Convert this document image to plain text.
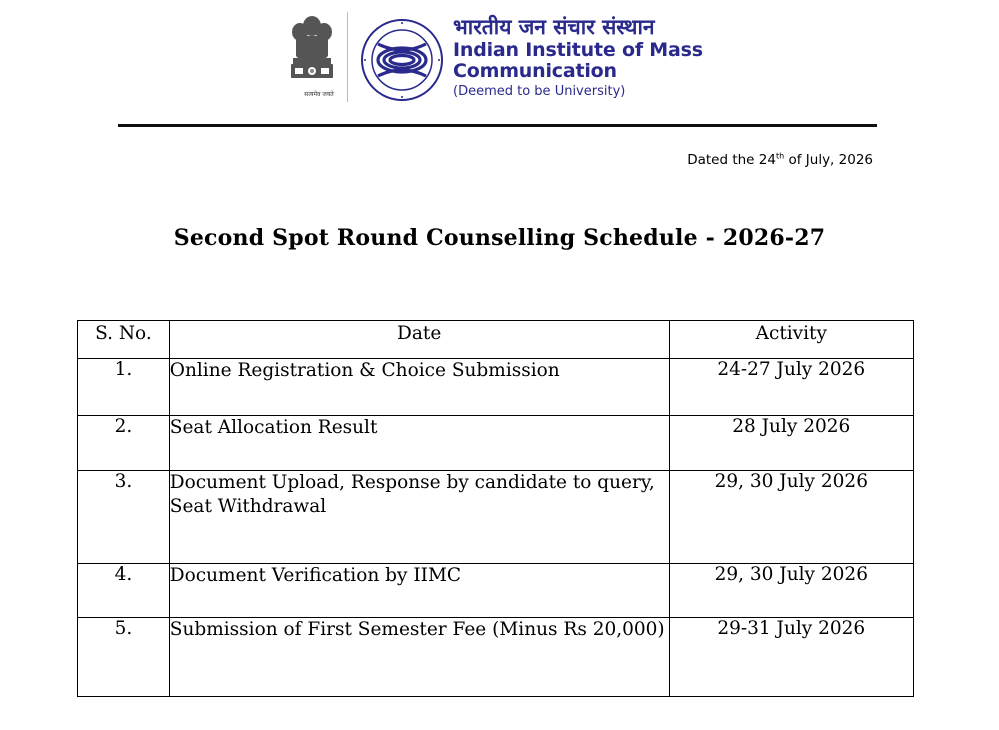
सत्यमेव जयते
भारतीय जन संचार संस्थान
Indian Institute of Mass
Communication
(Deemed to be University)
Dated the 24th of July, 2026
Second Spot Round Counselling Schedule - 2026-27
S. No.	Date	Activity
1.	Online Registration & Choice Submission	24-27 July 2026
2.	Seat Allocation Result	28 July 2026
3.	Document Upload, Response by candidate to query, Seat Withdrawal	29, 30 July 2026
4.	Document Verification by IIMC	29, 30 July 2026
5.	Submission of First Semester Fee (Minus Rs 20,000)	29-31 July 2026
